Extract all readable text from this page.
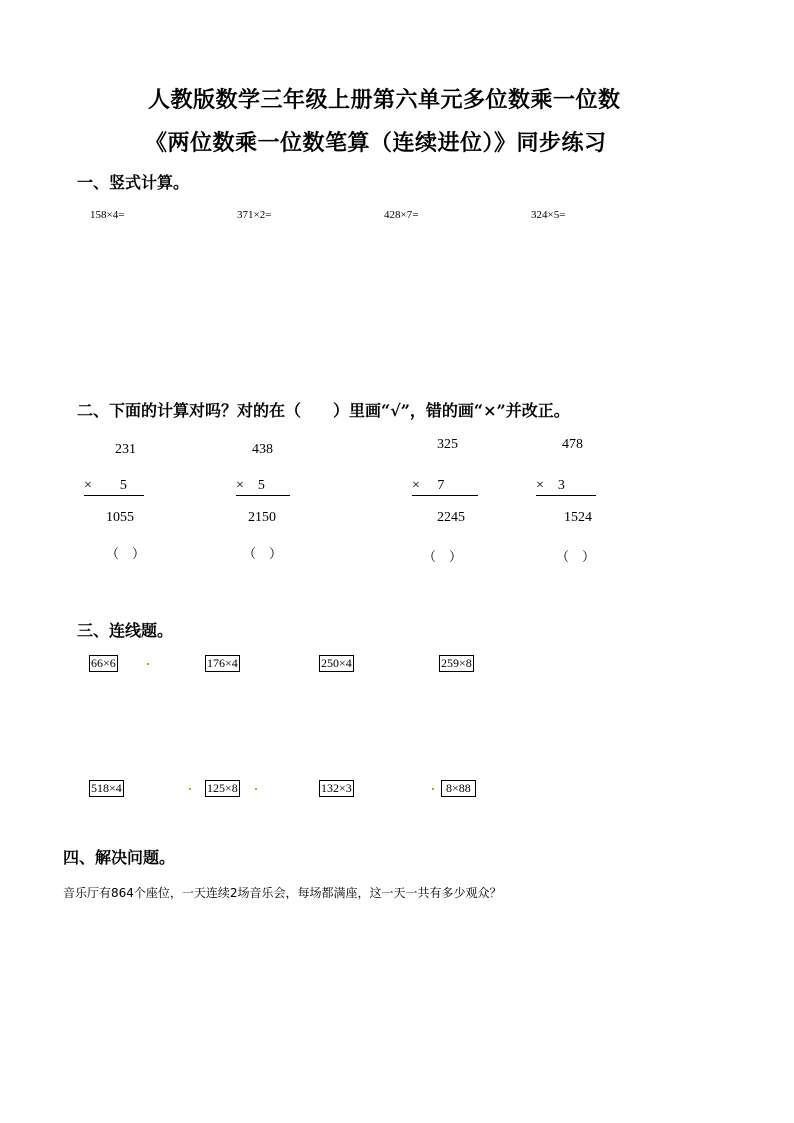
人教版数学三年级上册第六单元多位数乘一位数
《两位数乘一位数笔算（连续进位）》同步练习
一、竖式计算。
158×4=	371×2=	428×7=	324×5=
二、下面的计算对吗？对的在（　　）里画“√”，错的画“×”并改正。
231
×　　5
1055
（　）
438
×　5
2150
（　）
325
×　 7
2245
（　）
478
×　3
1524
（　）
三、连线题。
66×6	176×4	250×4	259×8
518×4	125×8	132×3	8×88
四、解决问题。
音乐厅有864个座位，一天连续2场音乐会，每场都满座，这一天一共有多少观众？
